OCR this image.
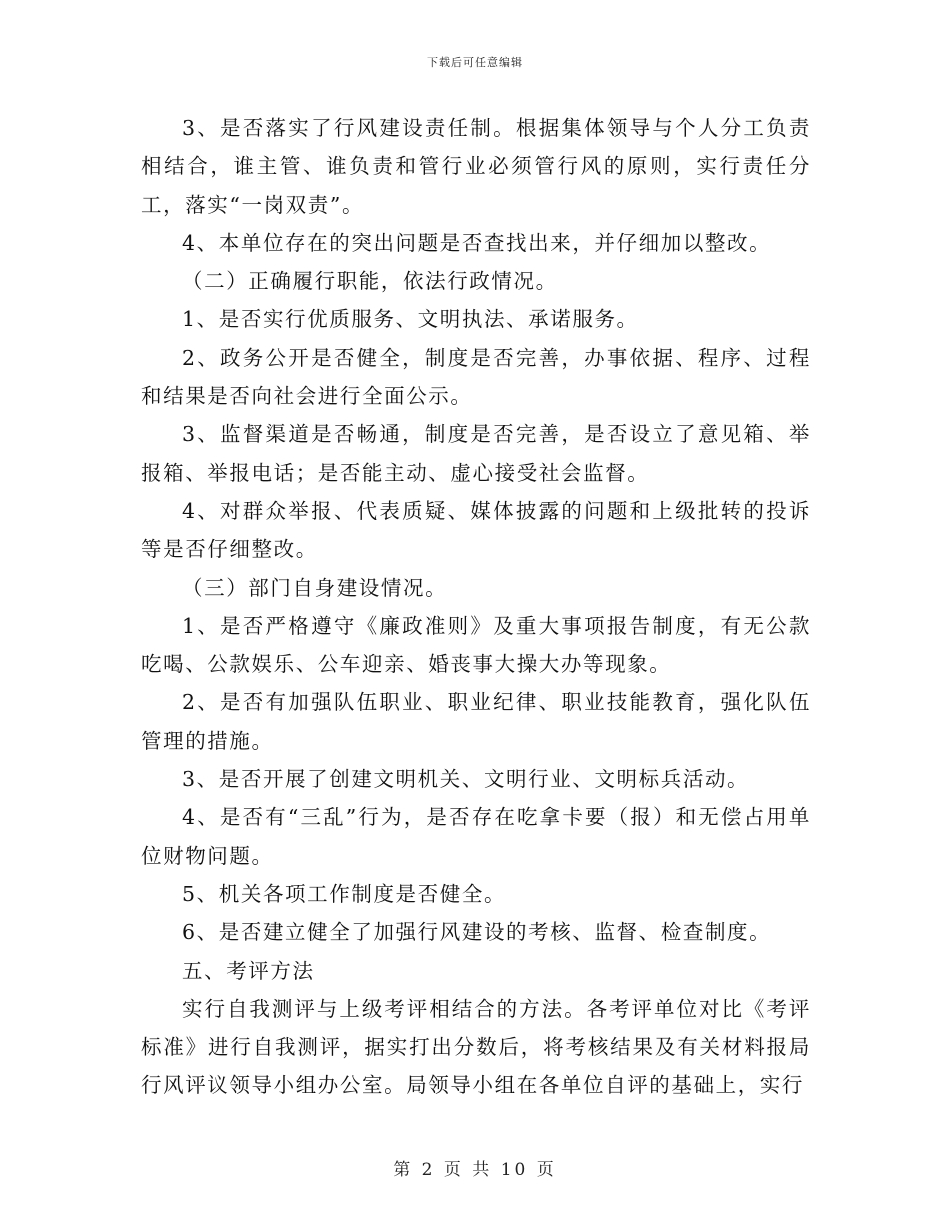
下载后可任意编辑

3、是否落实了行风建设责任制。根据集体领导与个人分工负责相结合，谁主管、谁负责和管行业必须管行风的原则，实行责任分工，落实“一岗双责”。

4、本单位存在的突出问题是否查找出来，并仔细加以整改。

（二）正确履行职能，依法行政情况。

1、是否实行优质服务、文明执法、承诺服务。

2、政务公开是否健全，制度是否完善，办事依据、程序、过程和结果是否向社会进行全面公示。

3、监督渠道是否畅通，制度是否完善，是否设立了意见箱、举报箱、举报电话；是否能主动、虚心接受社会监督。

4、对群众举报、代表质疑、媒体披露的问题和上级批转的投诉等是否仔细整改。

（三）部门自身建设情况。

1、是否严格遵守《廉政准则》及重大事项报告制度，有无公款吃喝、公款娱乐、公车迎亲、婚丧事大操大办等现象。

2、是否有加强队伍职业、职业纪律、职业技能教育，强化队伍管理的措施。

3、是否开展了创建文明机关、文明行业、文明标兵活动。

4、是否有“三乱”行为，是否存在吃拿卡要（报）和无偿占用单位财物问题。

5、机关各项工作制度是否健全。

6、是否建立健全了加强行风建设的考核、监督、检查制度。

五、考评方法

实行自我测评与上级考评相结合的方法。各考评单位对比《考评标准》进行自我测评，据实打出分数后，将考核结果及有关材料报局行风评议领导小组办公室。局领导小组在各单位自评的基础上，实行

第 2 页 共 10 页
